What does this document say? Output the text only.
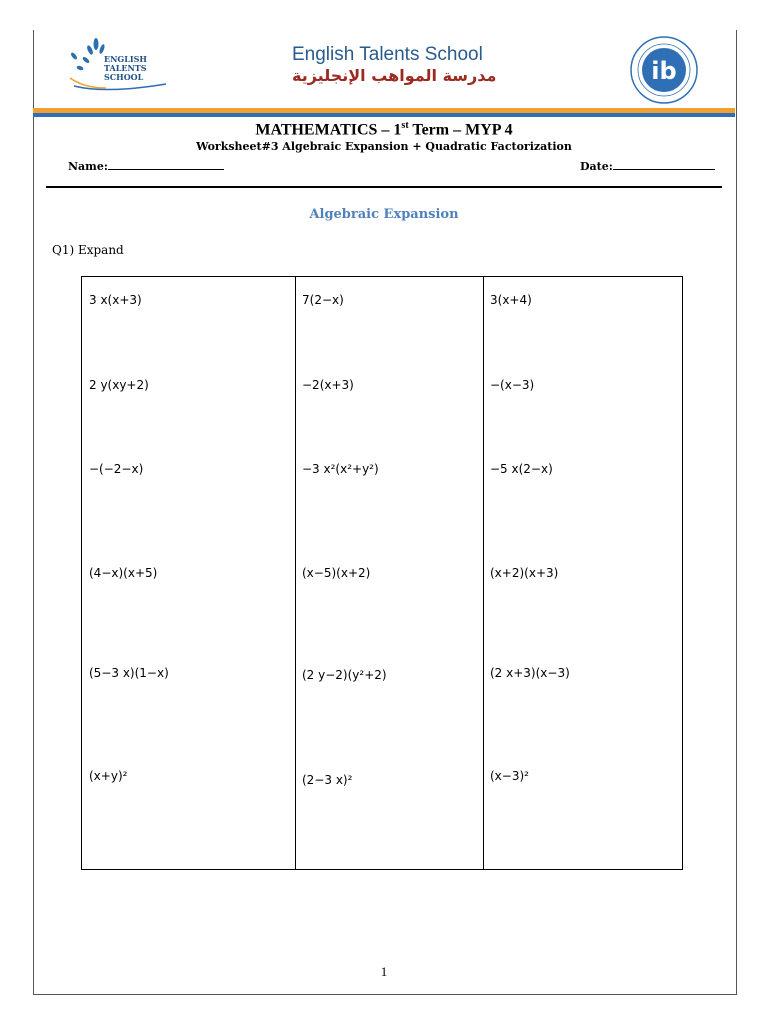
ENGLISH
TALENTS
SCHOOL
English Talents School
مدرسة المواهب الإنجليزية	ib
MATHEMATICS – 1st Term – MYP 4
Worksheet#3 Algebraic Expansion + Quadratic Factorization
Name:	Date:
Algebraic Expansion
Q1) Expand
3 x(x+3)	7(2−x)	3(x+4)
2 y(xy+2)	−2(x+3)	−(x−3)
−(−2−x)	−3 x²(x²+y²)	−5 x(2−x)
(4−x)(x+5)	(x−5)(x+2)	(x+2)(x+3)
(5−3 x)(1−x)	(2 y−2)(y²+2)	(2 x+3)(x−3)
(x+y)²	(2−3 x)²	(x−3)²
1
